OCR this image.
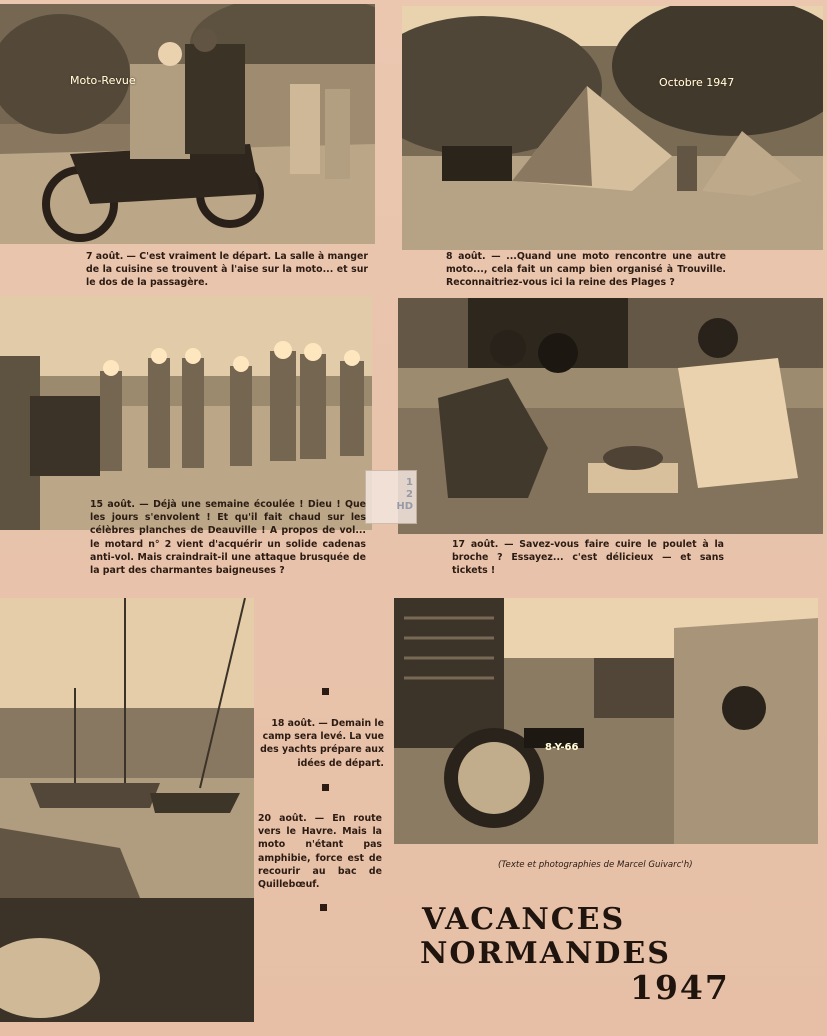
Moto-Revue	Octobre 1947
7 août. — C'est vraiment le départ. La salle à manger de la cuisine se trouvent à l'aise sur la moto... et sur le dos de la passagère.
8 août. — ...Quand une moto rencontre une autre moto..., cela fait un camp bien organisé à Trouville. Reconnaitriez-vous ici la reine des Plages ?
1
2
HD
15 août. — Déjà une semaine écoulée ! Dieu ! Que les jours s'envolent ! Et qu'il fait chaud sur les célèbres planches de Deauville ! A propos de vol... le motard n° 2 vient d'acquérir un solide cadenas anti-vol. Mais craindrait-il une attaque brusquée de la part des charmantes baigneuses ?
17 août. — Savez-vous faire cuire le poulet à la broche ? Essayez... c'est délicieux — et sans tickets !
18 août. — Demain le camp sera levé. La vue des yachts prépare aux idées de départ.
20 août. — En route vers le Havre. Mais la moto n'étant pas amphibie, force est de recourir au bac de Quillebœuf.
8-Y-66
(Texte et photographies de Marcel Guivarc'h)
VACANCES
NORMANDES
1947
